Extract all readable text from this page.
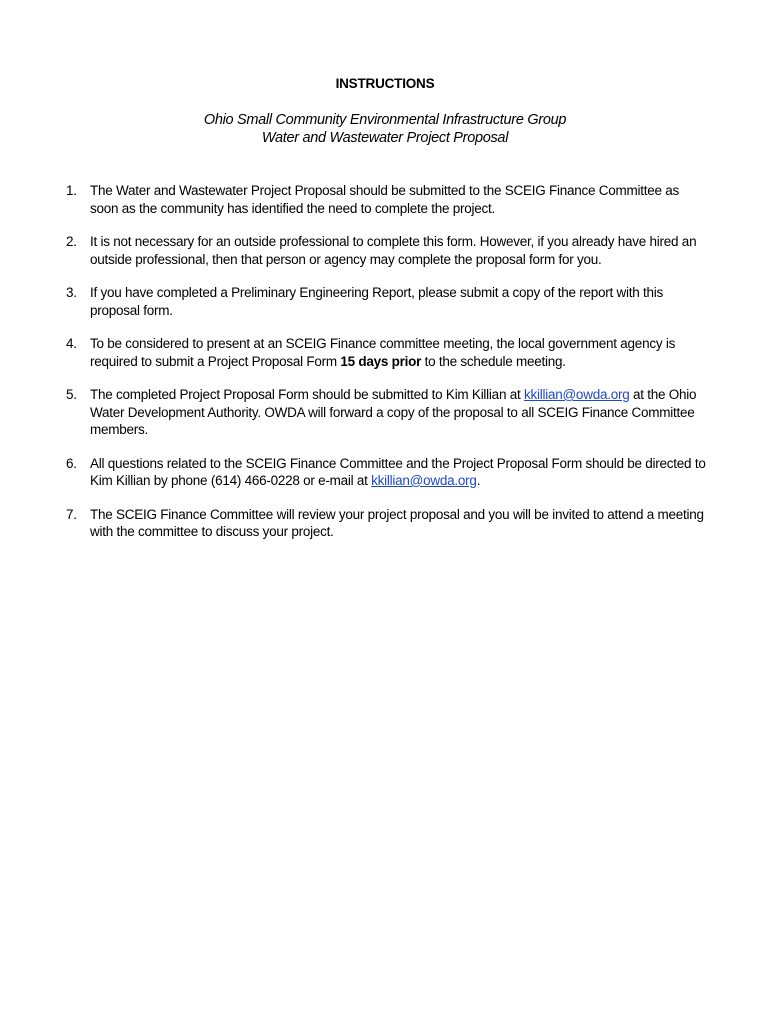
INSTRUCTIONS
Ohio Small Community Environmental Infrastructure Group
Water and Wastewater Project Proposal
1. The Water and Wastewater Project Proposal should be submitted to the SCEIG Finance Committee as soon as the community has identified the need to complete the project.
2. It is not necessary for an outside professional to complete this form. However, if you already have hired an outside professional, then that person or agency may complete the proposal form for you.
3. If you have completed a Preliminary Engineering Report, please submit a copy of the report with this proposal form.
4. To be considered to present at an SCEIG Finance committee meeting, the local government agency is required to submit a Project Proposal Form 15 days prior to the schedule meeting.
5. The completed Project Proposal Form should be submitted to Kim Killian at kkillian@owda.org at the Ohio Water Development Authority. OWDA will forward a copy of the proposal to all SCEIG Finance Committee members.
6. All questions related to the SCEIG Finance Committee and the Project Proposal Form should be directed to Kim Killian by phone (614) 466-0228 or e-mail at kkillian@owda.org.
7. The SCEIG Finance Committee will review your project proposal and you will be invited to attend a meeting with the committee to discuss your project.
